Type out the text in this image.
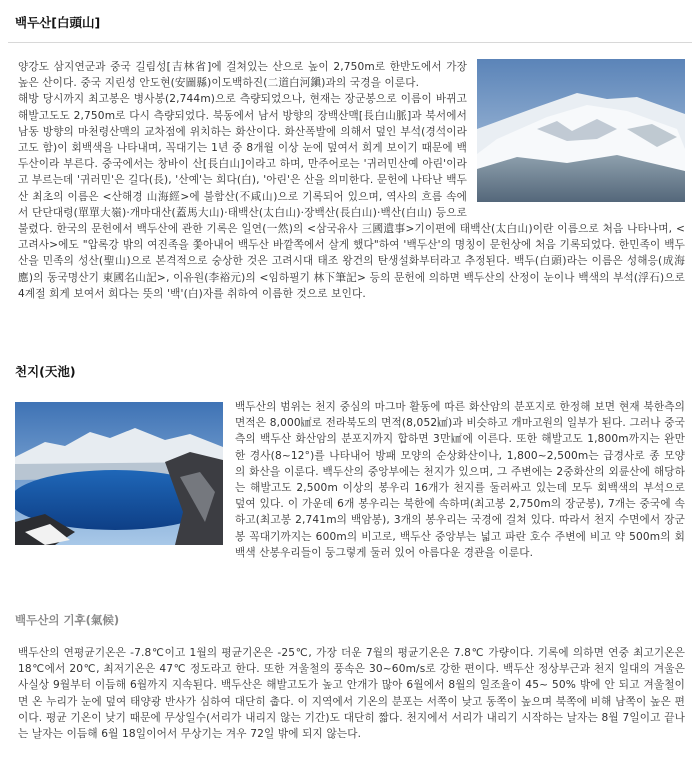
백두산[白頭山]

양강도 삼지연군과 중국 길림성[吉林省]에 걸쳐있는 산으로 높이 2,750m로 한반도에서 가장 높은 산이다. 중국 지린성 안도현(安圖縣)이도백하진(二道白河鎭)과의 국경을 이룬다.

해방 당시까지 최고봉은 병사봉(2,744m)으로 측량되었으나, 현재는 장군봉으로 이름이 바뀌고 해발고도도 2,750m로 다시 측량되었다. 북동에서 남서 방향의 장백산맥[長白山脈]과 북서에서 남동 방향의 마천령산맥의 교차점에 위치하는 화산이다. 화산폭발에 의해서 덮인 부석(경석이라고도 함)이 회백색을 나타내며, 꼭대기는 1년 중 8개월 이상 눈에 덮여서 희게 보이기 때문에 백두산이라 부른다. 중국에서는 창바이 산[長白山]이라고 하며, 만주어로는 '귀러민산예 아린'이라고 부르는데 '귀러민'은 길다(長), '산예'는 희다(白), '아린'은 산을 의미한다. 문헌에 나타난 백두산 최초의 이름은 <산해경 山海經>에 불함산(不咸山)으로 기록되어 있으며, 역사의 흐름 속에서 단단대령(單單大嶺)·개마대산(蓋馬大山)·태백산(太白山)·장백산(長白山)·백산(白山) 등으로 불렸다. 한국의 문헌에서 백두산에 관한 기록은 일연(一然)의 <삼국유사 三國遺事>기이편에 태백산(太白山)이란 이름으로 처음 나타나며, <고려사>에도 "압록강 밖의 여진족을 쫓아내어 백두산 바깥쪽에서 살게 했다"하여 '백두산'의 명칭이 문헌상에 처음 기록되었다. 한민족이 백두산을 민족의 성산(聖山)으로 본격적으로 숭상한 것은 고려시대 태조 왕건의 탄생설화부터라고 추정된다. 백두(白頭)라는 이름은 성해응(成海應)의 동국명산기 東國名山記>, 이유원(李裕元)의 <임하필기 林下筆記> 등의 문헌에 의하면 백두산의 산정이 눈이나 백색의 부석(浮石)으로 4계절 희게 보여서 희다는 뜻의 '백'(白)자를 취하여 이름한 것으로 보인다.

천지(天池)

백두산의 범위는 천지 중심의 마그마 활동에 따른 화산암의 분포지로 한정해 보면 현재 북한측의 면적은 8,000㎢로 전라북도의 면적(8,052㎢)과 비슷하고 개마고원의 일부가 된다. 그러나 중국측의 백두산 화산암의 분포지까지 합하면 3만㎢에 이른다. 또한 해발고도 1,800m까지는 완만한 경사(8~12°)를 나타내어 방패 모양의 순상화산이나, 1,800~2,500m는 급경사로 종 모양의 화산을 이룬다. 백두산의 중앙부에는 천지가 있으며, 그 주변에는 2중화산의 외륜산에 해당하는 해발고도 2,500m 이상의 봉우리 16개가 천지를 둘러싸고 있는데 모두 회백색의 부석으로 덮여 있다. 이 가운데 6개 봉우리는 북한에 속하며(최고봉 2,750m의 장군봉), 7개는 중국에 속하고(최고봉 2,741m의 백암봉), 3개의 봉우리는 국경에 걸쳐 있다. 따라서 천지 수면에서 장군봉 꼭대기까지는 600m의 비고로, 백두산 중앙부는 넓고 파란 호수 주변에 비고 약 500m의 회백색 산봉우리들이 둥그렇게 둘러 있어 아름다운 경관을 이룬다.

백두산의 기후(氣候)

백두산의 연평균기온은 -7.8℃이고 1월의 평균기온은 -25℃, 가장 더운 7월의 평균기온은 7.8℃ 가량이다. 기록에 의하면 연중 최고기온은 18℃에서 20℃, 최저기온은 47℃ 정도라고 한다. 또한 겨울철의 풍속은 30~60m/s로 강한 편이다. 백두산 정상부근과 천지 일대의 겨울은 사실상 9월부터 이듬해 6월까지 지속된다. 백두산은 해발고도가 높고 안개가 많아 6월에서 8월의 일조율이 45~ 50% 밖에 안 되고 겨울철이면 온 누리가 눈에 덮여 태양광 반사가 심하여 대단히 춥다. 이 지역에서 기온의 분포는 서쪽이 낮고 동쪽이 높으며 북쪽에 비해 남쪽이 높은 편이다. 평균 기온이 낮기 때문에 무상일수(서리가 내리지 않는 기간)도 대단히 짧다. 천지에서 서리가 내리기 시작하는 날자는 8월 7일이고 끝나는 날자는 이듬해 6월 18일이어서 무상기는 겨우 72일 밖에 되지 않는다.
